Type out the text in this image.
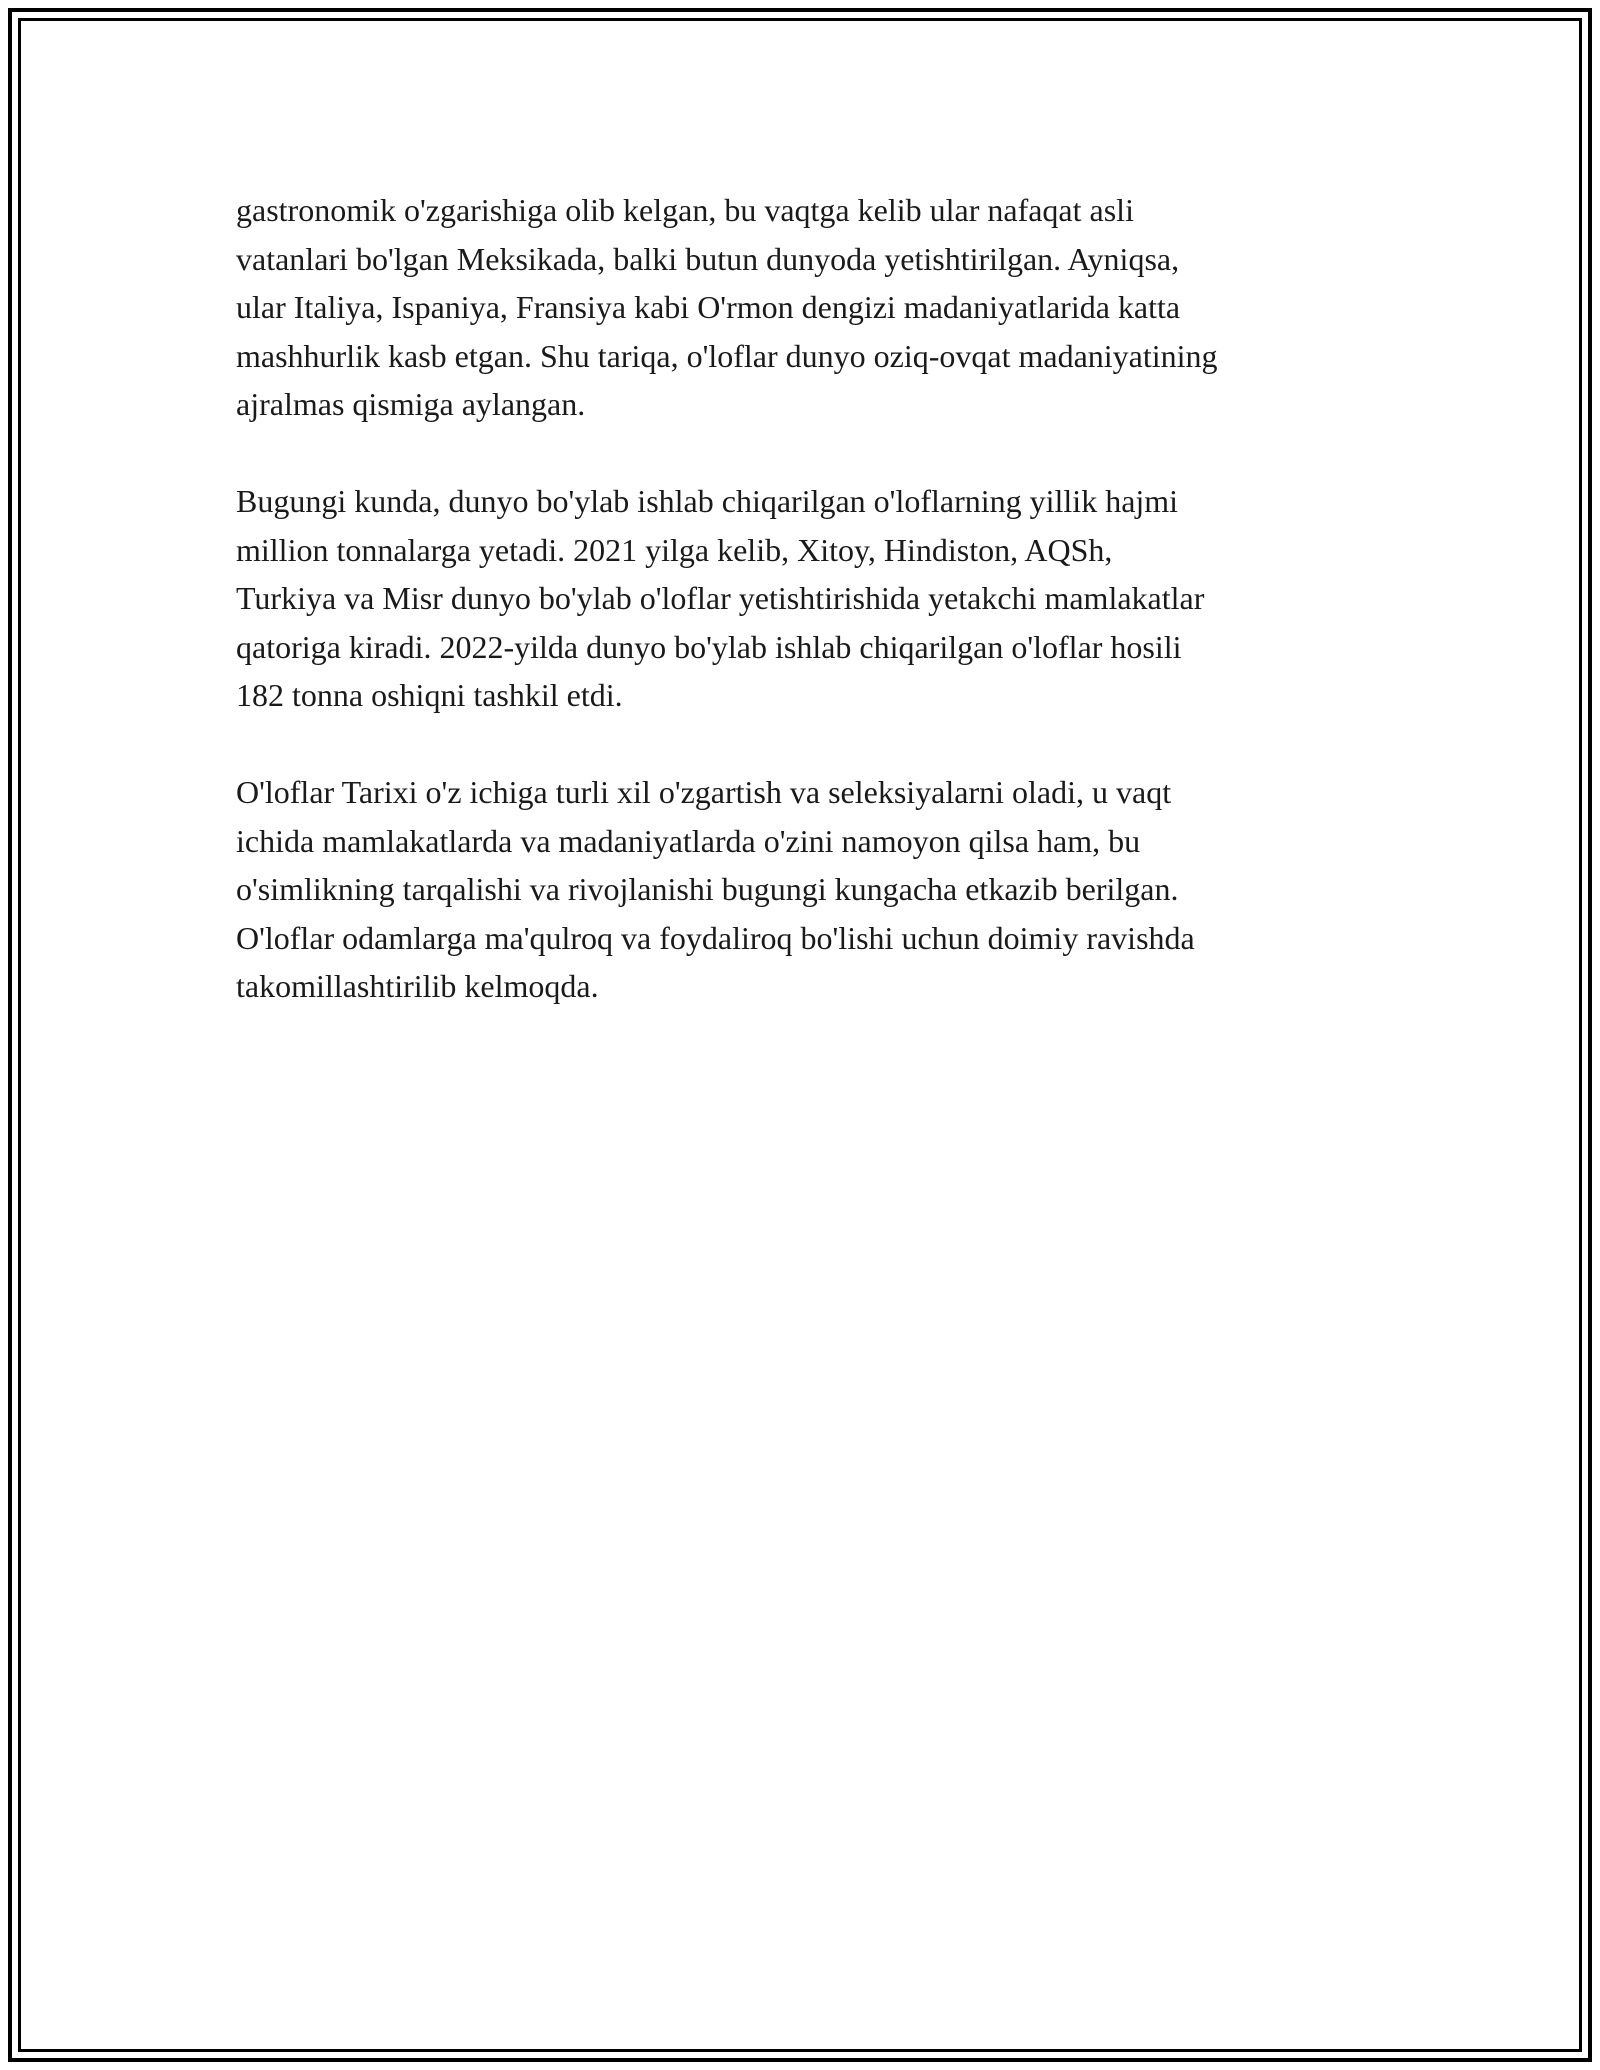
gastronomik o'zgarishiga olib kelgan, bu vaqtga kelib ular nafaqat asli
vatanlari bo'lgan Meksikada, balki butun dunyoda yetishtirilgan. Ayniqsa,
ular Italiya, Ispaniya, Fransiya kabi O'rmon dengizi madaniyatlarida katta
mashhurlik kasb etgan. Shu tariqa, o'loflar dunyo oziq-ovqat madaniyatining
ajralmas qismiga aylangan.

Bugungi kunda, dunyo bo'ylab ishlab chiqarilgan o'loflarning yillik hajmi
million tonnalarga yetadi. 2021 yilga kelib, Xitoy, Hindiston, AQSh,
Turkiya va Misr dunyo bo'ylab o'loflar yetishtirishida yetakchi mamlakatlar
qatoriga kiradi. 2022-yilda dunyo bo'ylab ishlab chiqarilgan o'loflar hosili
182 tonna oshiqni tashkil etdi.

O'loflar Tarixi o'z ichiga turli xil o'zgartish va seleksiyalarni oladi, u vaqt
ichida mamlakatlarda va madaniyatlarda o'zini namoyon qilsa ham, bu
o'simlikning tarqalishi va rivojlanishi bugungi kungacha etkazib berilgan.
O'loflar odamlarga ma'qulroq va foydaliroq bo'lishi uchun doimiy ravishda
takomillashtirilib kelmoqda.
